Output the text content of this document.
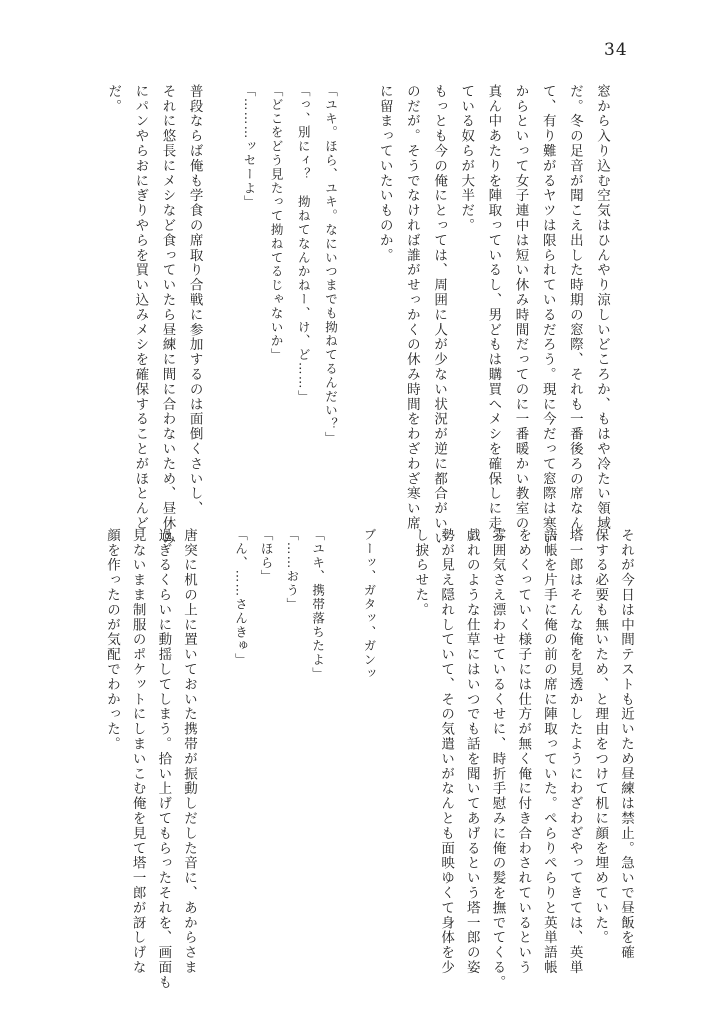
34
窓から入り込む空気はひんやり涼しいどころか、もはや冷たい領域
だ。冬の足音が聞こえ出した時期の窓際、それも一番後ろの席なん
て、有り難がるヤツは限られているだろう。現に今だって窓際は寒い
からといって女子連中は短い休み時間だってのに一番暖かい教室の
真ん中あたりを陣取っているし、男どもは購買へメシを確保しに走っ
ている奴らが大半だ。
もっとも今の俺にとっては、周囲に人が少ない状況が逆に都合がいい
のだが。そうでなければ誰がせっかくの休み時間をわざわざ寒い席
に留まっていたいものか。
「ユキ。ほら、ユキ。なにいつまでも拗ねてるんだい？」
「っ、別にィ？　拗ねてなんかねー、け、ど……」
「どこをどう見たって拗ねてるじゃないか」
「………ッセーよ」
普段ならば俺も学食の席取り合戦に参加するのは面倒くさいし、
それに悠長にメシなど食っていたら昼練に間に合わないため、昼休み
にパンやらおにぎりやらを買い込みメシを確保することがほとんど
だ。
それが今日は中間テストも近いため昼練は禁止。急いで昼飯を確
保する必要も無いため、と理由をつけて机に顔を埋めていた。
塔一郎はそんな俺を見透かしたようにわざわざやってきては、英単
語帳を片手に俺の前の席に陣取っていた。ぺらりぺらりと英単語帳
をめくっていく様子には仕方が無く俺に付き合わされているという
雰囲気さえ漂わせているくせに、時折手慰みに俺の髪を撫でてくる。
戯れのような仕草にはいつでも話を聞いてあげるという塔一郎の姿
勢が見え隠れしていて、その気遣いがなんとも面映ゆくて身体を少
し捩らせた。
ブーッ、ガタッ、ガンッ
「ユキ、携帯落ちたよ」
「……おう」
「ほら」
「ん、……さんきゅ」
唐突に机の上に置いておいた携帯が振動しだした音に、あからさま
過ぎるくらいに動揺してしまう。拾い上げてもらったそれを、画面も
見ないまま制服のポケットにしまいこむ俺を見て塔一郎が訝しげな
顔を作ったのが気配でわかった。
